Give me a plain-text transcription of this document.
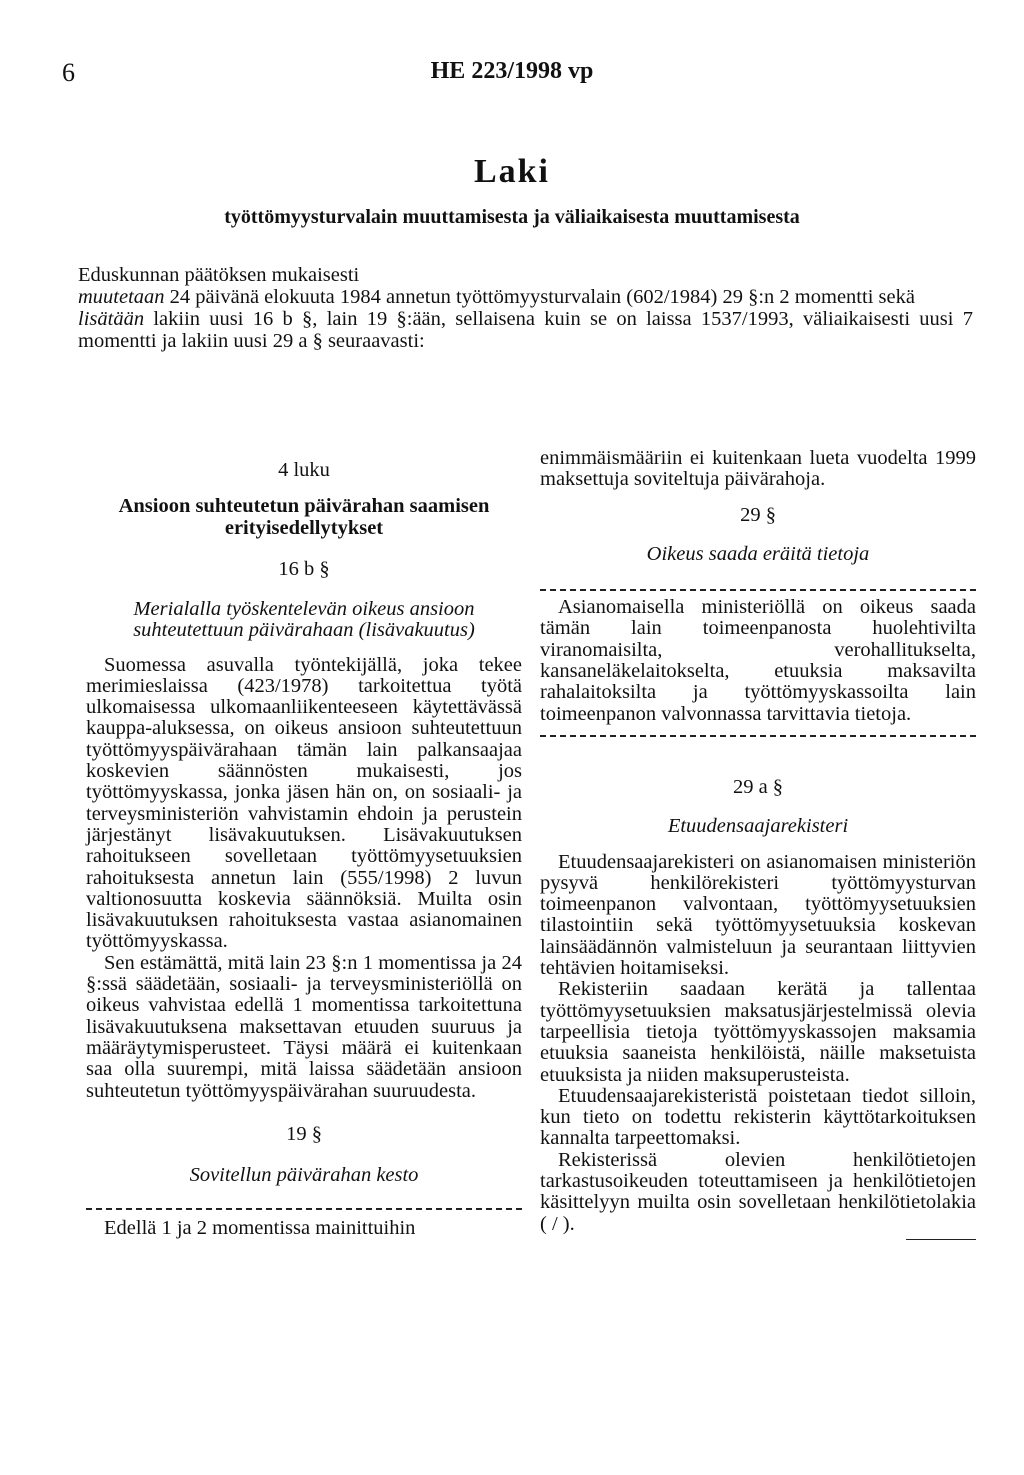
6	HE 223/1998 vp
Laki
työttömyysturvalain muuttamisesta ja väliaikaisesta muuttamisesta

Eduskunnan päätöksen mukaisesti

muutetaan 24 päivänä elokuuta 1984 annetun työttömyysturvalain (602/1984) 29 §:n 2 momentti sekä

lisätään lakiin uusi 16 b §, lain 19 §:ään, sellaisena kuin se on laissa 1537/1993, väliaikaisesti uusi 7 momentti ja lakiin uusi 29 a § seuraavasti:

4 luku
Ansioon suhteutetun päivärahan saamisen erityisedellytykset
16 b §
Merialalla työskentelevän oikeus ansioon suhteutettuun päivärahaan (lisävakuutus)

Suomessa asuvalla työntekijällä, joka tekee merimieslaissa (423/1978) tarkoitettua työtä ulkomaisessa ulkomaanliikenteeseen käytettävässä kauppa-aluksessa, on oikeus ansioon suhteutettuun työttömyyspäivärahaan tämän lain palkansaajaa koskevien säännösten mukaisesti, jos työttömyyskassa, jonka jäsen hän on, on sosiaali- ja terveysministeriön vahvistamin ehdoin ja perustein järjestänyt lisävakuutuksen. Lisävakuutuksen rahoitukseen sovelletaan työttömyysetuuksien rahoituksesta annetun lain (555/1998) 2 luvun valtionosuutta koskevia säännöksiä. Muilta osin lisävakuutuksen rahoituksesta vastaa asianomainen työttömyyskassa.

Sen estämättä, mitä lain 23 §:n 1 momentissa ja 24 §:ssä säädetään, sosiaali- ja terveysministeriöllä on oikeus vahvistaa edellä 1 momentissa tarkoitettuna lisävakuutuksena maksettavan etuuden suuruus ja määräytymisperusteet. Täysi määrä ei kuitenkaan saa olla suurempi, mitä laissa säädetään ansioon suhteutetun työttömyyspäivärahan suuruudesta.

19 §
Sovitellun päivärahan kesto

Edellä 1 ja 2 momentissa mainittuihin

enimmäismääriin ei kuitenkaan lueta vuodelta 1999 maksettuja soviteltuja päivärahoja.

29 §
Oikeus saada eräitä tietoja

Asianomaisella ministeriöllä on oikeus saada tämän lain toimeenpanosta huolehtivilta viranomaisilta, verohallitukselta, kansaneläkelaitokselta, etuuksia maksavilta rahalaitoksilta ja työttömyyskassoilta lain toimeenpanon valvonnassa tarvittavia tietoja.

29 a §
Etuudensaajarekisteri

Etuudensaajarekisteri on asianomaisen ministeriön pysyvä henkilörekisteri työttömyysturvan toimeenpanon valvontaan, työttömyysetuuksien tilastointiin sekä työttömyysetuuksia koskevan lainsäädännön valmisteluun ja seurantaan liittyvien tehtävien hoitamiseksi.

Rekisteriin saadaan kerätä ja tallentaa työttömyysetuuksien maksatusjärjestelmissä olevia tarpeellisia tietoja työttömyyskassojen maksamia etuuksia saaneista henkilöistä, näille maksetuista etuuksista ja niiden maksuperusteista.

Etuudensaajarekisteristä poistetaan tiedot silloin, kun tieto on todettu rekisterin käyttötarkoituksen kannalta tarpeettomaksi.

Rekisterissä olevien henkilötietojen tarkastusoikeuden toteuttamiseen ja henkilötietojen käsittelyyn muilta osin sovelletaan henkilötietolakia ( / ).
